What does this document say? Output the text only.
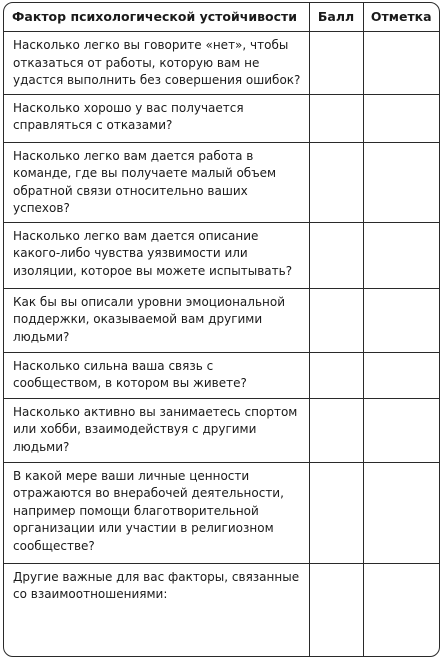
Фактор психологической устойчивости	Балл	Отметка
Насколько легко вы говорите «нет», чтобы отказаться от работы, которую вам не удастся выполнить без совершения ошибок?		
Насколько хорошо у вас получается справляться с отказами?		
Насколько легко вам дается работа в команде, где вы получаете малый объем обратной связи относительно ваших успехов?		
Насколько легко вам дается описание какого-либо чувства уязвимости или изоляции, которое вы можете испытывать?		
Как бы вы описали уровни эмоциональной поддержки, оказываемой вам другими людьми?		
Насколько сильна ваша связь с сообществом, в котором вы живете?		
Насколько активно вы занимаетесь спортом или хобби, взаимодействуя с другими людьми?		
В какой мере ваши личные ценности отражаются во внерабочей деятельности, например помощи благотворительной организации или участии в религиозном сообществе?		
Другие важные для вас факторы, связанные со взаимоотношениями:		
